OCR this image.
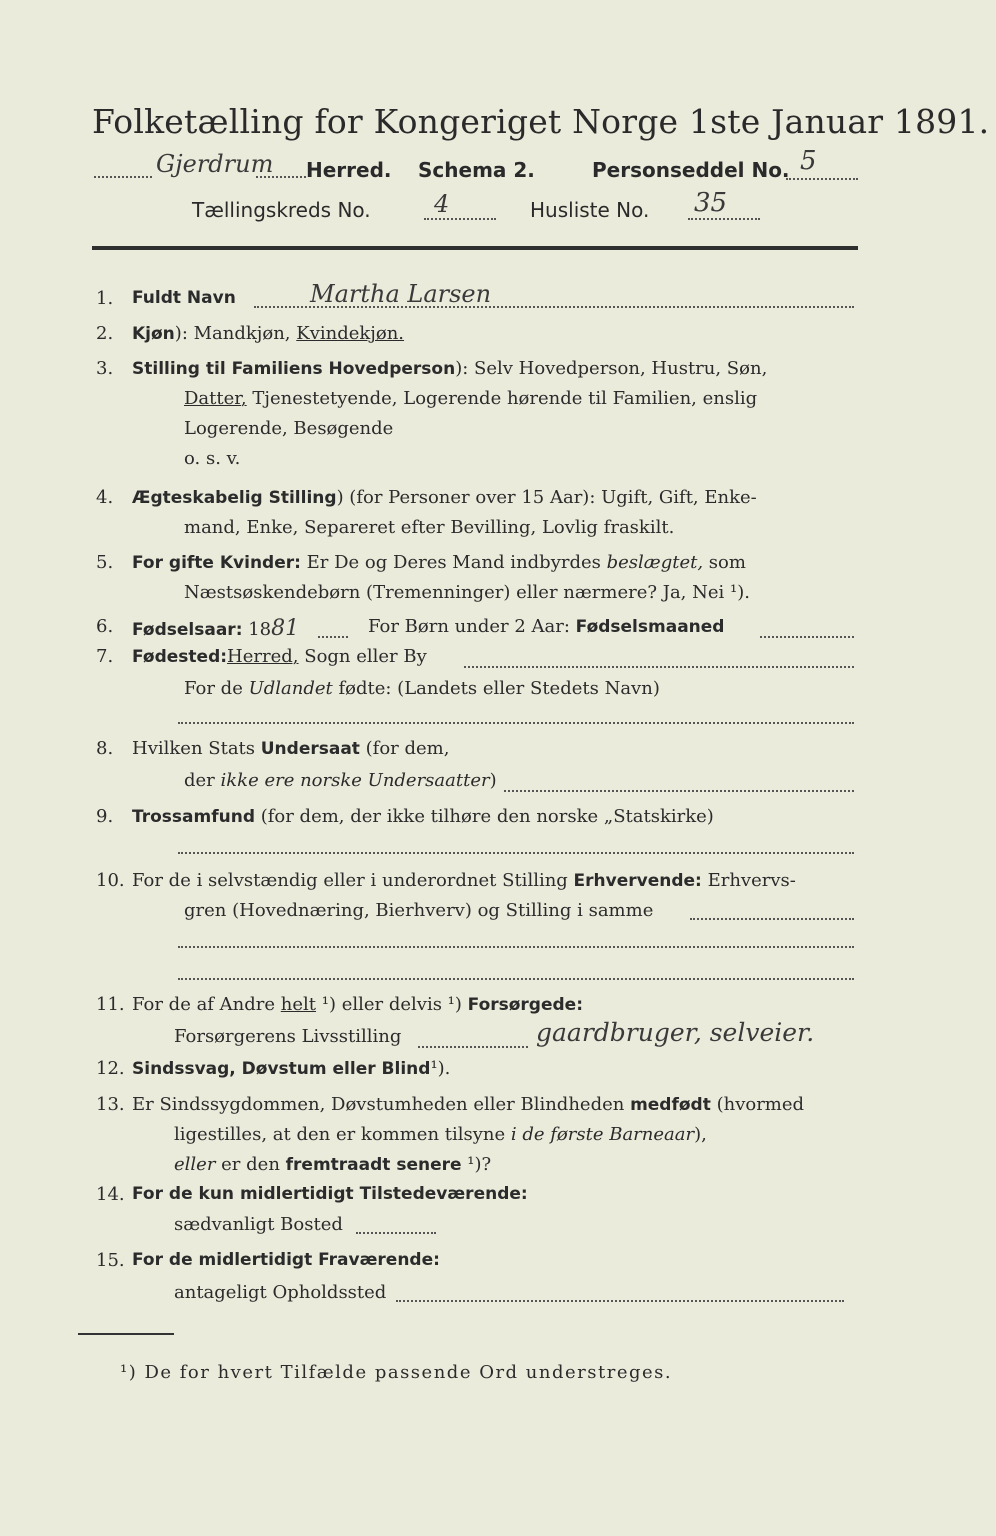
Folketælling for Kongeriget Norge 1ste Januar 1891.
Gjerdrum Herred. Schema 2.	Personseddel No. 5
Tællingskreds No.	4	Husliste No. 35
1.	Fuldt Navn	Martha Larsen
2.	Kjøn): Mandkjøn, Kvindekjøn.
3.	Stilling til Familiens Hovedperson): Selv Hovedperson, Hustru, Søn,
Datter, Tjenestetyende, Logerende hørende til Familien, enslig
Logerende, Besøgende
o. s. v.
4.	Ægteskabelig Stilling) (for Personer over 15 Aar): Ugift, Gift, Enke-
mand, Enke, Separeret efter Bevilling, Lovlig fraskilt.
5.	For gifte Kvinder: Er De og Deres Mand indbyrdes beslægtet, som
Næstsøskendebørn (Tremenninger) eller nærmere? Ja, Nei ¹).
6.	Fødselsaar: 1881	For Børn under 2 Aar: Fødselsmaaned
7.	Fødested:Herred, Sogn eller By
For de Udlandet fødte: (Landets eller Stedets Navn)
8.	Hvilken Stats Undersaat (for dem,
der ikke ere norske Undersaatter)
9.	Trossamfund (for dem, der ikke tilhøre den norske „Statskirke)
10. For de i selvstændig eller i underordnet Stilling Erhvervende: Erhvervs-
gren (Hovednæring, Bierhverv) og Stilling i samme
11. For de af Andre helt ¹) eller delvis ¹) Forsørgede:
Forsørgerens Livsstilling	gaardbruger, selveier.
12. Sindssvag, Døvstum eller Blind¹).
13. Er Sindssygdommen, Døvstumheden eller Blindheden medfødt (hvormed
ligestilles, at den er kommen tilsyne i de første Barneaar),
eller er den fremtraadt senere ¹)?
14. For de kun midlertidigt Tilstedeværende:
sædvanligt Bosted
15. For de midlertidigt Fraværende:
antageligt Opholdssted
¹) De for hvert Tilfælde passende Ord understreges.
